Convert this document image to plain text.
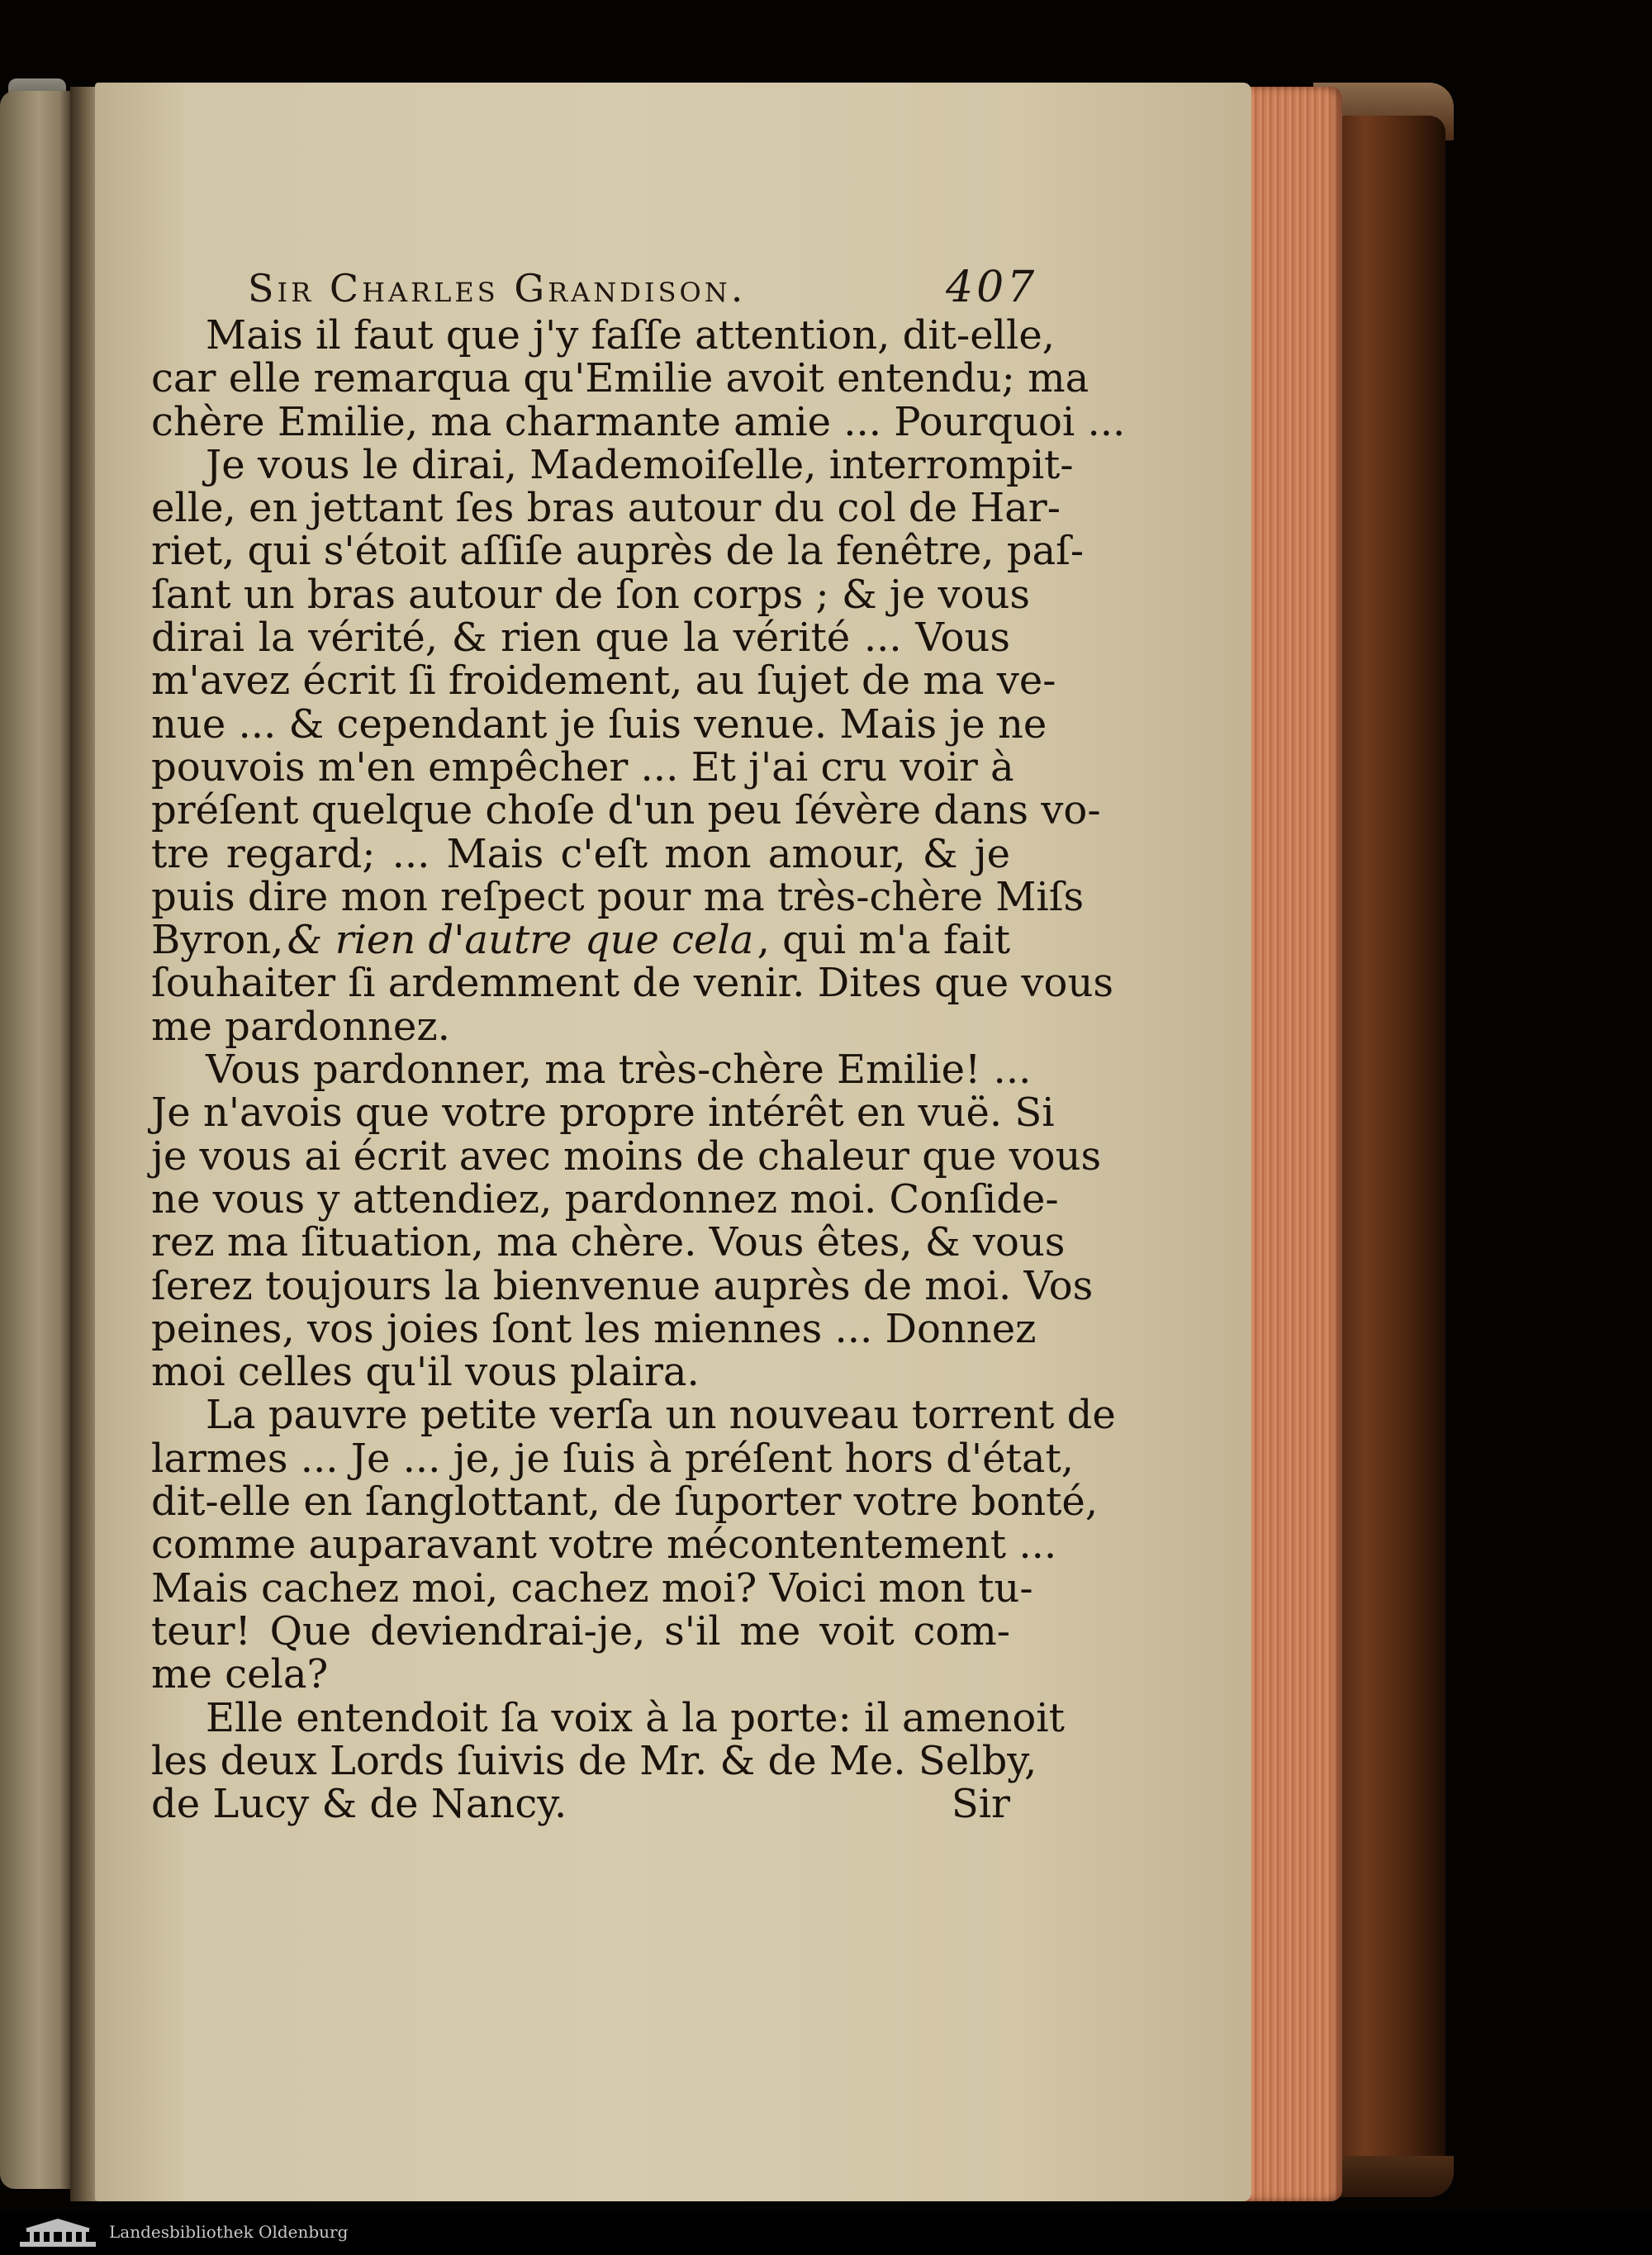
Sir Charles Grandison.	407
Mais il faut que j'y faſſe attention, dit-elle,
car elle remarqua qu'Emilie avoit entendu; ma
chère Emilie, ma charmante amie ... Pourquoi ...
Je vous le dirai, Mademoiſelle, interrompit-
elle, en jettant ſes bras autour du col de Har-
riet, qui s'étoit aſſiſe auprès de la fenêtre, paſ-
ſant un bras autour de ſon corps ; & je vous
dirai la vérité, & rien que la vérité ... Vous
m'avez écrit ſi froidement, au ſujet de ma ve-
nue ... & cependant je ſuis venue. Mais je ne
pouvois m'en empêcher ... Et j'ai cru voir à
préſent quelque choſe d'un peu ſévère dans vo-
tre regard; ... Mais c'eſt mon amour, & je
puis dire mon reſpect pour ma très-chère Miſs
Byron, & rien d'autre que cela , qui m'a fait
ſouhaiter ſi ardemment de venir. Dites que vous
me pardonnez.
Vous pardonner, ma très-chère Emilie! ...
Je n'avois que votre propre intérêt en vuë. Si
je vous ai écrit avec moins de chaleur que vous
ne vous y attendiez, pardonnez moi. Conſide-
rez ma ſituation, ma chère. Vous êtes, & vous
ſerez toujours la bienvenue auprès de moi. Vos
peines, vos joies ſont les miennes ... Donnez
moi celles qu'il vous plaira.
La pauvre petite verſa un nouveau torrent de
larmes ... Je ... je, je ſuis à préſent hors d'état,
dit-elle en ſanglottant, de ſuporter votre bonté,
comme auparavant votre mécontentement ...
Mais cachez moi, cachez moi? Voici mon tu-
teur! Que deviendrai-je, s'il me voit com-
me cela?
Elle entendoit ſa voix à la porte: il amenoit
les deux Lords ſuivis de Mr. & de Me. Selby,
de Lucy & de Nancy.	Sir
Landesbibliothek Oldenburg
